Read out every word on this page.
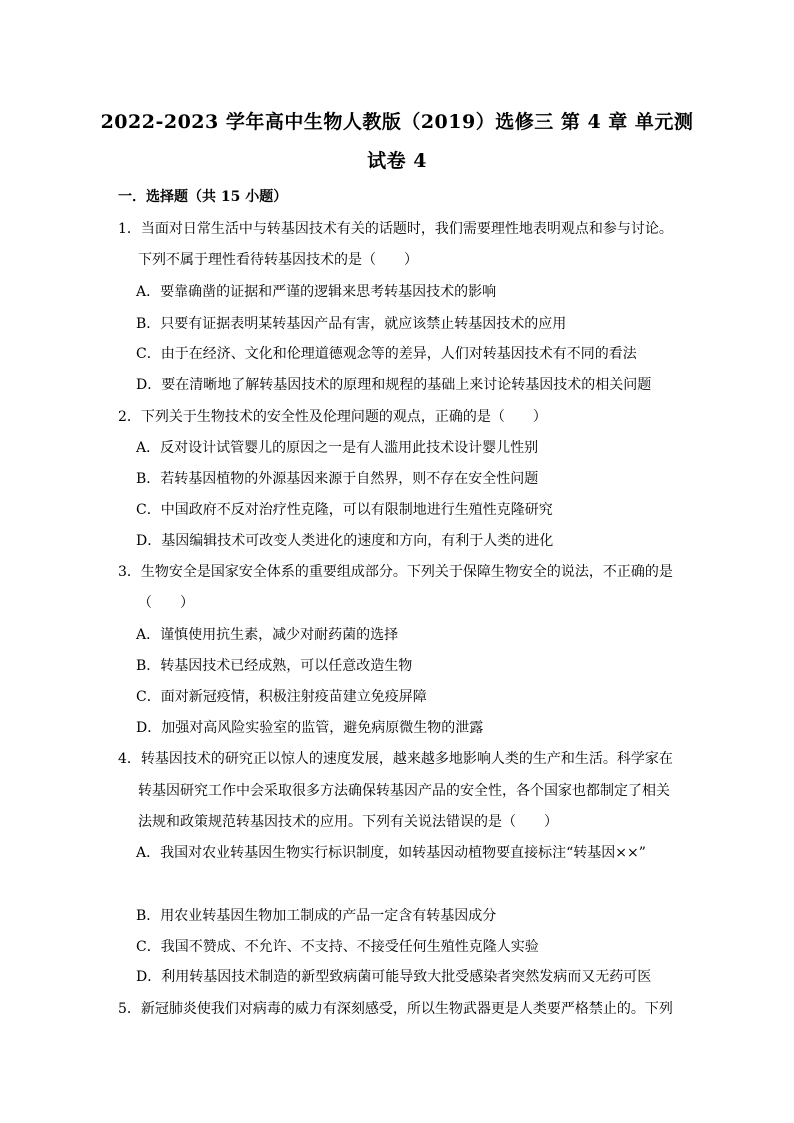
2022-2023 学年高中生物人教版（2019）选修三 第 4 章 单元测
试卷 4
一．选择题（共 15 小题）
1．当面对日常生活中与转基因技术有关的话题时，我们需要理性地表明观点和参与讨论。
下列不属于理性看待转基因技术的是（　　）
A．要靠确凿的证据和严谨的逻辑来思考转基因技术的影响
B．只要有证据表明某转基因产品有害，就应该禁止转基因技术的应用
C．由于在经济、文化和伦理道德观念等的差异，人们对转基因技术有不同的看法
D．要在清晰地了解转基因技术的原理和规程的基础上来讨论转基因技术的相关问题
2．下列关于生物技术的安全性及伦理问题的观点，正确的是（　　）
A．反对设计试管婴儿的原因之一是有人滥用此技术设计婴儿性别
B．若转基因植物的外源基因来源于自然界，则不存在安全性问题
C．中国政府不反对治疗性克隆，可以有限制地进行生殖性克隆研究
D．基因编辑技术可改变人类进化的速度和方向，有利于人类的进化
3．生物安全是国家安全体系的重要组成部分。下列关于保障生物安全的说法，不正确的是
（　　）
A．谨慎使用抗生素，减少对耐药菌的选择
B．转基因技术已经成熟，可以任意改造生物
C．面对新冠疫情，积极注射疫苗建立免疫屏障
D．加强对高风险实验室的监管，避免病原微生物的泄露
4．转基因技术的研究正以惊人的速度发展，越来越多地影响人类的生产和生活。科学家在
转基因研究工作中会采取很多方法确保转基因产品的安全性，各个国家也都制定了相关
法规和政策规范转基因技术的应用。下列有关说法错误的是（　　）
A．我国对农业转基因生物实行标识制度，如转基因动植物要直接标注“转基因××”
B．用农业转基因生物加工制成的产品一定含有转基因成分
C．我国不赞成、不允许、不支持、不接受任何生殖性克隆人实验
D．利用转基因技术制造的新型致病菌可能导致大批受感染者突然发病而又无药可医
5．新冠肺炎使我们对病毒的威力有深刻感受，所以生物武器更是人类要严格禁止的。下列
